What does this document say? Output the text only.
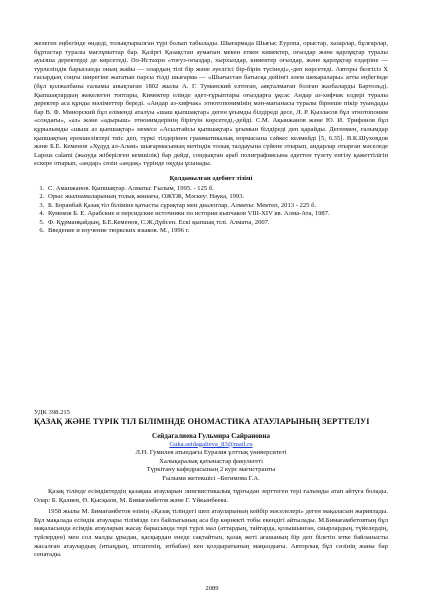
желеген еңбегінде өндеді, толықтырылған түрі болып табылады. Шығармада Шығыс Еуропа, орыстар, хазарлар, бұлғарлар, бұртастар туралы мағлұматтар бар. Қазіргі Қазақстан аумағын мекен еткен кимектер, оғыздар және қарлұқтар туралы ауызша деректерді де көрсетеді. Әл-Истахри «тоғуз-оғыздар, хырхыздар, кимектер оғыздар, және қарлұқтар елдеріне — турлеліндік барысында оның жайы — олардың тілі бір және әуелгісі бір-бірін түсінеді»,-деп көрсетеді. Авторы белгісіз Х ғасырдың соңғы ширегіне жататын парсы тілді шығарма — «Шығыстан батысқа дейінгі әлем шекаралары» атты еңбегінде (бұл қолжазбаны ғалымы анықтаған 1802 жылы А. Г. Туманский елтоған, аяқталмаған болған жазбаларды Бартольд). Қыпшақтардың жекелеген топтары, Кимектер елінде әдет-ғұрыптары оғыздарға ұқсас Андар аз-хифчак елдері туралы деректер аса құнды мәліметтер береді. «Андар аз-хифчак» этнотопонимінің мән-мағынасы туралы бірнеше пікір туындады бар В. Ф. Минорский бұл еліменді аталуы «шаш қыпшақтар» деген ұғымды білдіреді десе, Л. Р. Қызласов бұл этнотопоним «сондағы», «аз» және «адырыш» этнонимдерінің бірігуін көрсетеді,-дейді. С.М. Ақынжанов және Ю. И. Трифонов бұл құрылымды «шыш аз қыпшақтар» немесе «Асылтайсы қыпшақтар» ұғымын білдіреді деп қарайды. Дегенмен, ғалымдар қыпшақтың ерекшеліктері тиіс деп, түркі тілдерінен грамматикалық нормасына сәйкес келмейді [5, 6.35]. В.К.Шуховдов және Б.Е. Кеменов «Худуд ал-Алам» шығармасының мәтіндік толық талдауына сүйене отырып, андарлар отырған мәселеде Lapsus calami (жазуда жіберілген кемшілік) бар дейді, сондықтан араб полиграфиясына әдеттен түзету енгізу қажеттілігін ескере отырып, «андар» сөзін «андақ» түрінде оқуды ұсынады.

Қолданылған әдебиет тізімі
1. С. Аманжанов. Қыпшақтар. Алматы: Ғылым, 1995. - 125 б.
2. Орыс жылнамаларының толық жинағы, ОЖТЖ, Мәскеу: Наука, 1993.
3. Б. Боранбай Қазақ тіл біліміне қатысты сұрақтар мен диалоглар. Алматы: Мектеп, 2013 - 225 б.
4. Кумеков Б. Е. Арабские и персидские источники по истории кыпчаков VIII-XIV вв. Алма-Ата, 1987.
5. Ф. Құрманқайдың, Б.Е.Кеменов, С.Ж.Дүйсен. Ескі қыпшақ тілі. Алматы, 2007.
6. Введение и изучение тюркских языков. М., 1996 г.
УДК 398.215
ҚАЗАҚ ЖӘНЕ ТҮРІК ТІЛ БІЛІМІНДЕ ОНОМАСТИКА АТАУЛАРЫНЫҢ ЗЕРТТЕЛУІ
Сейдагалиева Гульмира Сайрановна
Guka.seidagalieva_83@mail.ru
Л.Н. Гумилев атындағы Еуразия ұлттық университеті
Халықаралық қатынастар факультеті
Түркітану кафедрасының 2 курс магистранты
Ғылыми жетекшісі –Бегимова Г.А.

Қазақ тілінде есімдіктердің қазақша атауларын лингвистикалық тұрғыдан зерттеген тері ғалымды атап айтуға болады. Олар: Б. Қалиев, Ө. Қысқыов, М. Бимағамбетов және Г. Үйкынбеева.

1958 жылы М. Бимағамбетов өзінің «Қазақ тіліндегі шеп атауларының кейбір мәселелері» деген мақаласын жариялады. Бұл мақалада есімдік атаулары тілімізде сез байлығының аса бір көрнекті тобы екендігі айтылады. М.Бимағамбетовтың бұл мақаласында есімдік атауларын жасау барысында тері түрлі мал (аттардың, тайтарда, қозышынған, сиырлардың, түйелердің, түйлерден) мен сол малды ұрыдан, қасқырдан енеде сақтайтын, қазақ жеті ағашаның бір деп білетін итке байланысты жасалған атаулардың (итыңдың, итсигенің, итбабан) кен қолдыратының маңыздығы. Авторлық бұл сөзінің жаны бар сенатады.

2089
